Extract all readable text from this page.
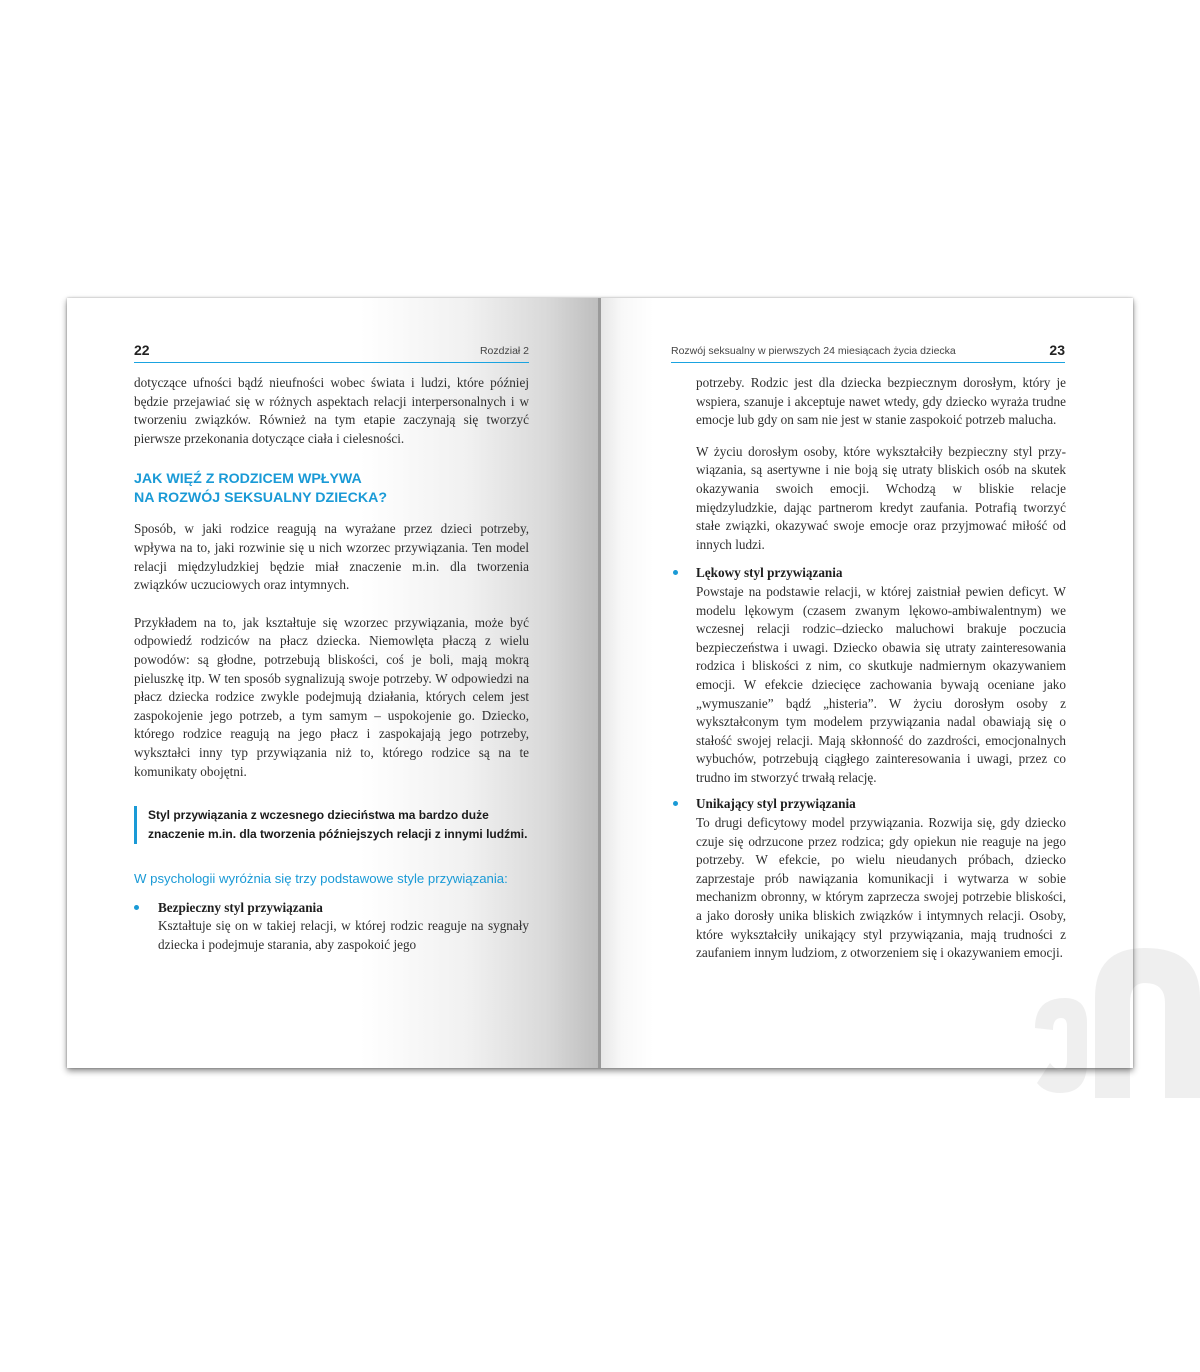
22	Rozdział 2

dotyczące ufności bądź nieufności wobec świata i ludzi, które później będzie przejawiać się w różnych aspektach relacji interpersonalnych i w tworzeniu związków. Również na tym etapie zaczynają się tworzyć pierwsze przekonania dotyczące ciała i cielesności.

JAK WIĘŹ Z RODZICEM WPŁYWA
NA ROZWÓJ SEKSUALNY DZIECKA?

Sposób, w jaki rodzice reagują na wyrażane przez dzieci potrzeby, wpływa na to, jaki rozwinie się u nich wzorzec przywiązania. Ten model relacji międzyludzkiej będzie miał znaczenie m.in. dla tworzenia związków uczuciowych oraz intymnych.

Przykładem na to, jak kształtuje się wzorzec przywiązania, może być odpowiedź rodziców na płacz dziecka. Niemowlęta płaczą z wielu powodów: są głodne, potrzebują bliskości, coś je boli, mają mokrą pieluszkę itp. W ten sposób sygnalizują swoje potrzeby. W odpowiedzi na płacz dziecka rodzice zwykle podejmują działania, których celem jest zaspokojenie jego potrzeb, a tym samym – uspokojenie go. Dziecko, którego rodzice reagują na jego płacz i zaspokajają jego potrzeby, wykształci inny typ przywiązania niż to, którego rodzice są na te komunikaty obojętni.

Styl przywiązania z wczesnego dzieciństwa ma bardzo duże znaczenie m.in. dla tworzenia późniejszych relacji z innymi ludźmi.
W psychologii wyróżnia się trzy podstawowe style przywiązania:
Bezpieczny styl przywiązania

Kształtuje się on w takiej relacji, w której rodzic reaguje na sygnały dziecka i podejmuje starania, aby zaspokoić jego

Rozwój seksualny w pierwszych 24 miesiącach życia dziecka	23

potrzeby. Rodzic jest dla dziecka bezpiecznym dorosłym, który je wspiera, szanuje i akceptuje nawet wtedy, gdy dziecko wyraża trudne emocje lub gdy on sam nie jest w stanie zaspokoić potrzeb malucha.

W życiu dorosłym osoby, które wykształciły bezpieczny styl przywiązania, są asertywne i nie boją się utraty bliskich osób na skutek okazywania swoich emocji. Wchodzą w bliskie relacje międzyludzkie, dając partnerom kredyt zaufania. Potrafią tworzyć stałe związki, okazywać swoje emocje oraz przyjmować miłość od innych ludzi.

Lękowy styl przywiązania

Powstaje na podstawie relacji, w której zaistniał pewien deficyt. W modelu lękowym (czasem zwanym lękowo-ambiwalentnym) we wczesnej relacji rodzic–dziecko maluchowi brakuje poczucia bezpieczeństwa i uwagi. Dziecko obawia się utraty zainteresowania rodzica i bliskości z nim, co skutkuje nadmiernym okazywaniem emocji. W efekcie dziecięce zachowania bywają oceniane jako „wymuszanie” bądź „histeria”. W życiu dorosłym osoby z wykształconym tym modelem przywiązania nadal obawiają się o stałość swojej relacji. Mają skłonność do zazdrości, emocjonalnych wybuchów, potrzebują ciągłego zainteresowania i uwagi, przez co trudno im stworzyć trwałą relację.

Unikający styl przywiązania

To drugi deficytowy model przywiązania. Rozwija się, gdy dziecko czuje się odrzucone przez rodzica; gdy opiekun nie reaguje na jego potrzeby. W efekcie, po wielu nieudanych próbach, dziecko zaprzestaje prób nawiązania komunikacji i wytwarza w sobie mechanizm obronny, w którym zaprzecza swojej potrzebie bliskości, a jako dorosły unika bliskich związków i intymnych relacji. Osoby, które wykształciły unikający styl przywiązania, mają trudności z zaufaniem innym ludziom, z otworzeniem się i okazywaniem emocji.
